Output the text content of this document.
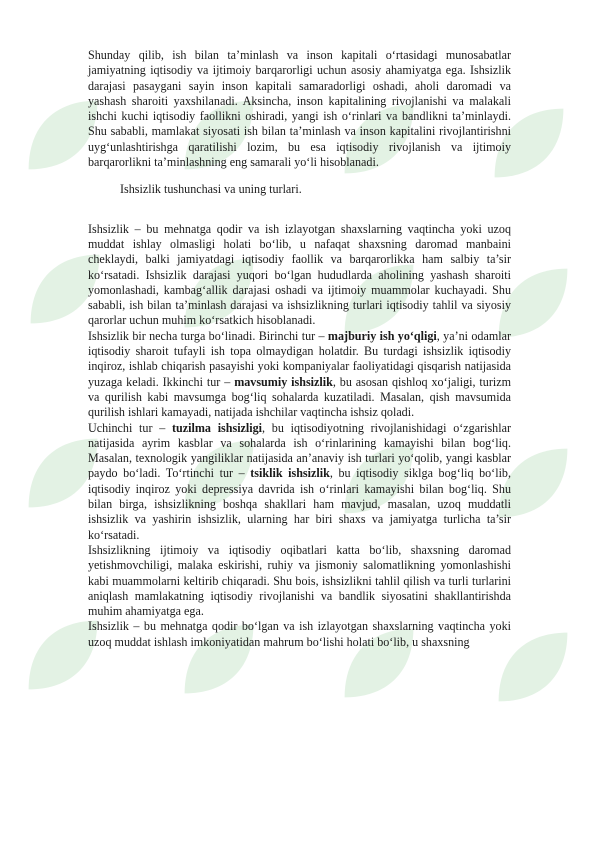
Shunday qilib, ish bilan ta’minlash va inson kapitali o‘rtasidagi munosabatlar jamiyatning iqtisodiy va ijtimoiy barqarorligi uchun asosiy ahamiyatga ega. Ishsizlik darajasi pasaygani sayin inson kapitali samaradorligi oshadi, aholi daromadi va yashash sharoiti yaxshilanadi. Aksincha, inson kapitalining rivojlanishi va malakali ishchi kuchi iqtisodiy faollikni oshiradi, yangi ish o‘rinlari va bandlikni ta’minlaydi. Shu sababli, mamlakat siyosati ish bilan ta’minlash va inson kapitalini rivojlantirishni uyg‘unlashtirishga qaratilishi lozim, bu esa iqtisodiy rivojlanish va ijtimoiy barqarorlikni ta’minlashning eng samarali yo‘li hisoblanadi.

Ishsizlik tushunchasi va uning turlari.

Ishsizlik – bu mehnatga qodir va ish izlayotgan shaxslarning vaqtincha yoki uzoq muddat ishlay olmasligi holati bo‘lib, u nafaqat shaxsning daromad manbaini cheklaydi, balki jamiyatdagi iqtisodiy faollik va barqarorlikka ham salbiy ta’sir ko‘rsatadi. Ishsizlik darajasi yuqori bo‘lgan hududlarda aholining yashash sharoiti yomonlashadi, kambag‘allik darajasi oshadi va ijtimoiy muammolar kuchayadi. Shu sababli, ish bilan ta’minlash darajasi va ishsizlikning turlari iqtisodiy tahlil va siyosiy qarorlar uchun muhim ko‘rsatkich hisoblanadi.

Ishsizlik bir necha turga bo‘linadi. Birinchi tur – majburiy ish yo‘qligi, ya’ni odamlar iqtisodiy sharoit tufayli ish topa olmaydigan holatdir. Bu turdagi ishsizlik iqtisodiy inqiroz, ishlab chiqarish pasayishi yoki kompaniyalar faoliyatidagi qisqarish natijasida yuzaga keladi. Ikkinchi tur – mavsumiy ishsizlik, bu asosan qishloq xo‘jaligi, turizm va qurilish kabi mavsumga bog‘liq sohalarda kuzatiladi. Masalan, qish mavsumida qurilish ishlari kamayadi, natijada ishchilar vaqtincha ishsiz qoladi.

Uchinchi tur – tuzilma ishsizligi, bu iqtisodiyotning rivojlanishidagi o‘zgarishlar natijasida ayrim kasblar va sohalarda ish o‘rinlarining kamayishi bilan bog‘liq. Masalan, texnologik yangiliklar natijasida an’anaviy ish turlari yo‘qolib, yangi kasblar paydo bo‘ladi. To‘rtinchi tur – tsiklik ishsizlik, bu iqtisodiy siklga bog‘liq bo‘lib, iqtisodiy inqiroz yoki depressiya davrida ish o‘rinlari kamayishi bilan bog‘liq. Shu bilan birga, ishsizlikning boshqa shakllari ham mavjud, masalan, uzoq muddatli ishsizlik va yashirin ishsizlik, ularning har biri shaxs va jamiyatga turlicha ta’sir ko‘rsatadi.

Ishsizlikning ijtimoiy va iqtisodiy oqibatlari katta bo‘lib, shaxsning daromad yetishmovchiligi, malaka eskirishi, ruhiy va jismoniy salomatlikning yomonlashishi kabi muammolarni keltirib chiqaradi. Shu bois, ishsizlikni tahlil qilish va turli turlarini aniqlash mamlakatning iqtisodiy rivojlanishi va bandlik siyosatini shakllantirishda muhim ahamiyatga ega.

Ishsizlik – bu mehnatga qodir bo‘lgan va ish izlayotgan shaxslarning vaqtincha yoki uzoq muddat ishlash imkoniyatidan mahrum bo‘lishi holati bo‘lib, u shaxsning
